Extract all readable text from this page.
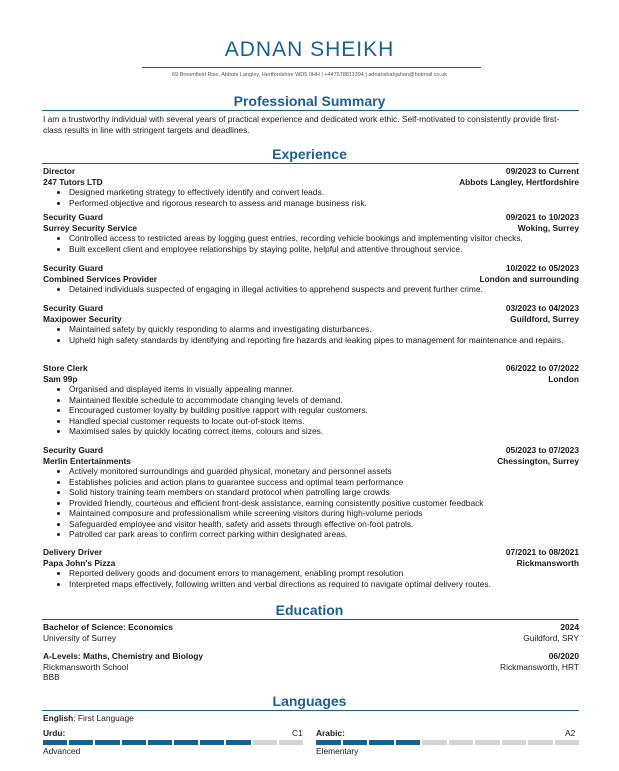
ADNAN SHEIKH
69 Broomfield Rise, Abbots Langley, Hertfordshire WD5 0HH | +447578811394 | adnanshahjahan@hotmail.co.uk
Professional Summary
I am a trustworthy individual with several years of practical experience and dedicated work ethic. Self-motivated to consistently provide first-class results in line with stringent targets and deadlines.
Experience
Director	09/2023 to Current
247 Tutors LTD	Abbots Langley, Hertfordshire
• Designed marketing strategy to effectively identify and convert leads.
• Performed objective and rigorous research to assess and manage business risk.
Security Guard	09/2021 to 10/2023
Surrey Security Service	Woking, Surrey
• Controlled access to restricted areas by logging guest entries, recording vehicle bookings and implementing visitor checks.
• Built excellent client and employee relationships by staying polite, helpful and attentive throughout service.
Security Guard	10/2022 to 05/2023
Combined Services Provider	London and surrounding
• Detained individuals suspected of engaging in illegal activities to apprehend suspects and prevent further crime.
Security Guard	03/2023 to 04/2023
Maxipower Security	Guildford, Surrey
• Maintained safety by quickly responding to alarms and investigating disturbances.
• Upheld high safety standards by identifying and reporting fire hazards and leaking pipes to management for maintenance and repairs.
Store Clerk	06/2022 to 07/2022
Sam 99p	London
• Organised and displayed items in visually appealing manner.
• Maintained flexible schedule to accommodate changing levels of demand.
• Encouraged customer loyalty by building positive rapport with regular customers.
• Handled special customer requests to locate out-of-stock items.
• Maximised sales by quickly locating correct items, colours and sizes.
Security Guard	05/2023 to 07/2023
Merlin Entertainments	Chessington, Surrey
• Actively monitored surroundings and guarded physical, monetary and personnel assets
• Establishes policies and action plans to guarantee success and optimal team performance
• Solid history training team members on standard protocol when patrolling large crowds
• Provided friendly, courteous and efficient front-desk assistance, earning consistently positive customer feedback
• Maintained composure and professionalism while screening visitors during high-volume periods
• Safeguarded employee and visitor health, safety and assets through effective on-foot patrols.
• Patrolled car park areas to confirm correct parking within designated areas.
Delivery Driver	07/2021 to 08/2021
Papa John's Pizza	Rickmansworth
• Reported delivery goods and document errors to management, enabling prompt resolution
• Interpreted maps effectively, following written and verbal directions as required to navigate optimal delivery routes.
Education
Bachelor of Science: Economics	2024
University of Surrey	Guildford, SRY
A-Levels: Maths, Chemistry and Biology	06/2020
Rickmansworth School	Rickmansworth, HRT
BBB
Languages
English: First Language
Urdu:	C1
Advanced
Arabic:	A2
Elementary
